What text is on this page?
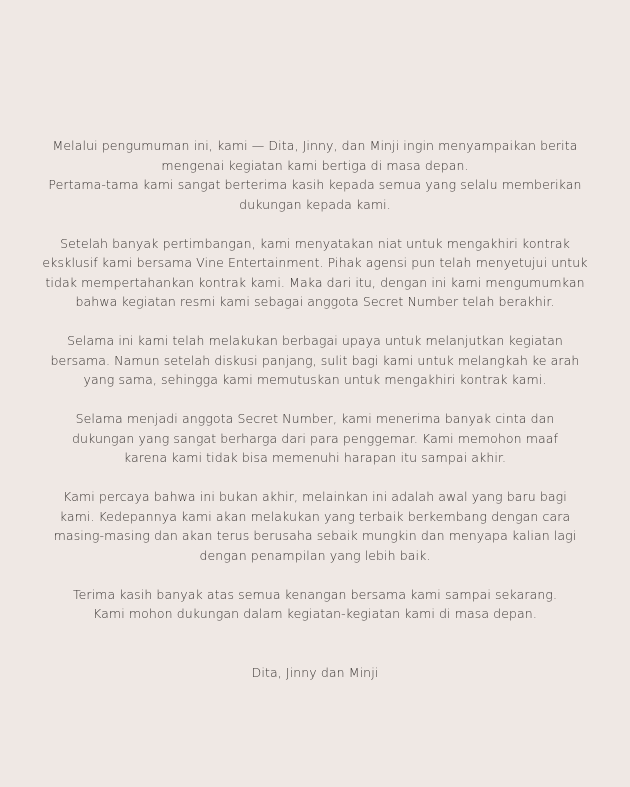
Melalui pengumuman ini, kami — Dita, Jinny, dan Minji ingin menyampaikan berita
mengenai kegiatan kami bertiga di masa depan.
Pertama-tama kami sangat berterima kasih kepada semua yang selalu memberikan
dukungan kepada kami.

Setelah banyak pertimbangan, kami menyatakan niat untuk mengakhiri kontrak
eksklusif kami bersama Vine Entertainment. Pihak agensi pun telah menyetujui untuk
tidak mempertahankan kontrak kami. Maka dari itu, dengan ini kami mengumumkan
bahwa kegiatan resmi kami sebagai anggota Secret Number telah berakhir.

Selama ini kami telah melakukan berbagai upaya untuk melanjutkan kegiatan
bersama. Namun setelah diskusi panjang, sulit bagi kami untuk melangkah ke arah
yang sama, sehingga kami memutuskan untuk mengakhiri kontrak kami.

Selama menjadi anggota Secret Number, kami menerima banyak cinta dan
dukungan yang sangat berharga dari para penggemar. Kami memohon maaf
karena kami tidak bisa memenuhi harapan itu sampai akhir.

Kami percaya bahwa ini bukan akhir, melainkan ini adalah awal yang baru bagi
kami. Kedepannya kami akan melakukan yang terbaik berkembang dengan cara
masing-masing dan akan terus berusaha sebaik mungkin dan menyapa kalian lagi
dengan penampilan yang lebih baik.

Terima kasih banyak atas semua kenangan bersama kami sampai sekarang.
Kami mohon dukungan dalam kegiatan-kegiatan kami di masa depan.

Dita, Jinny dan Minji
